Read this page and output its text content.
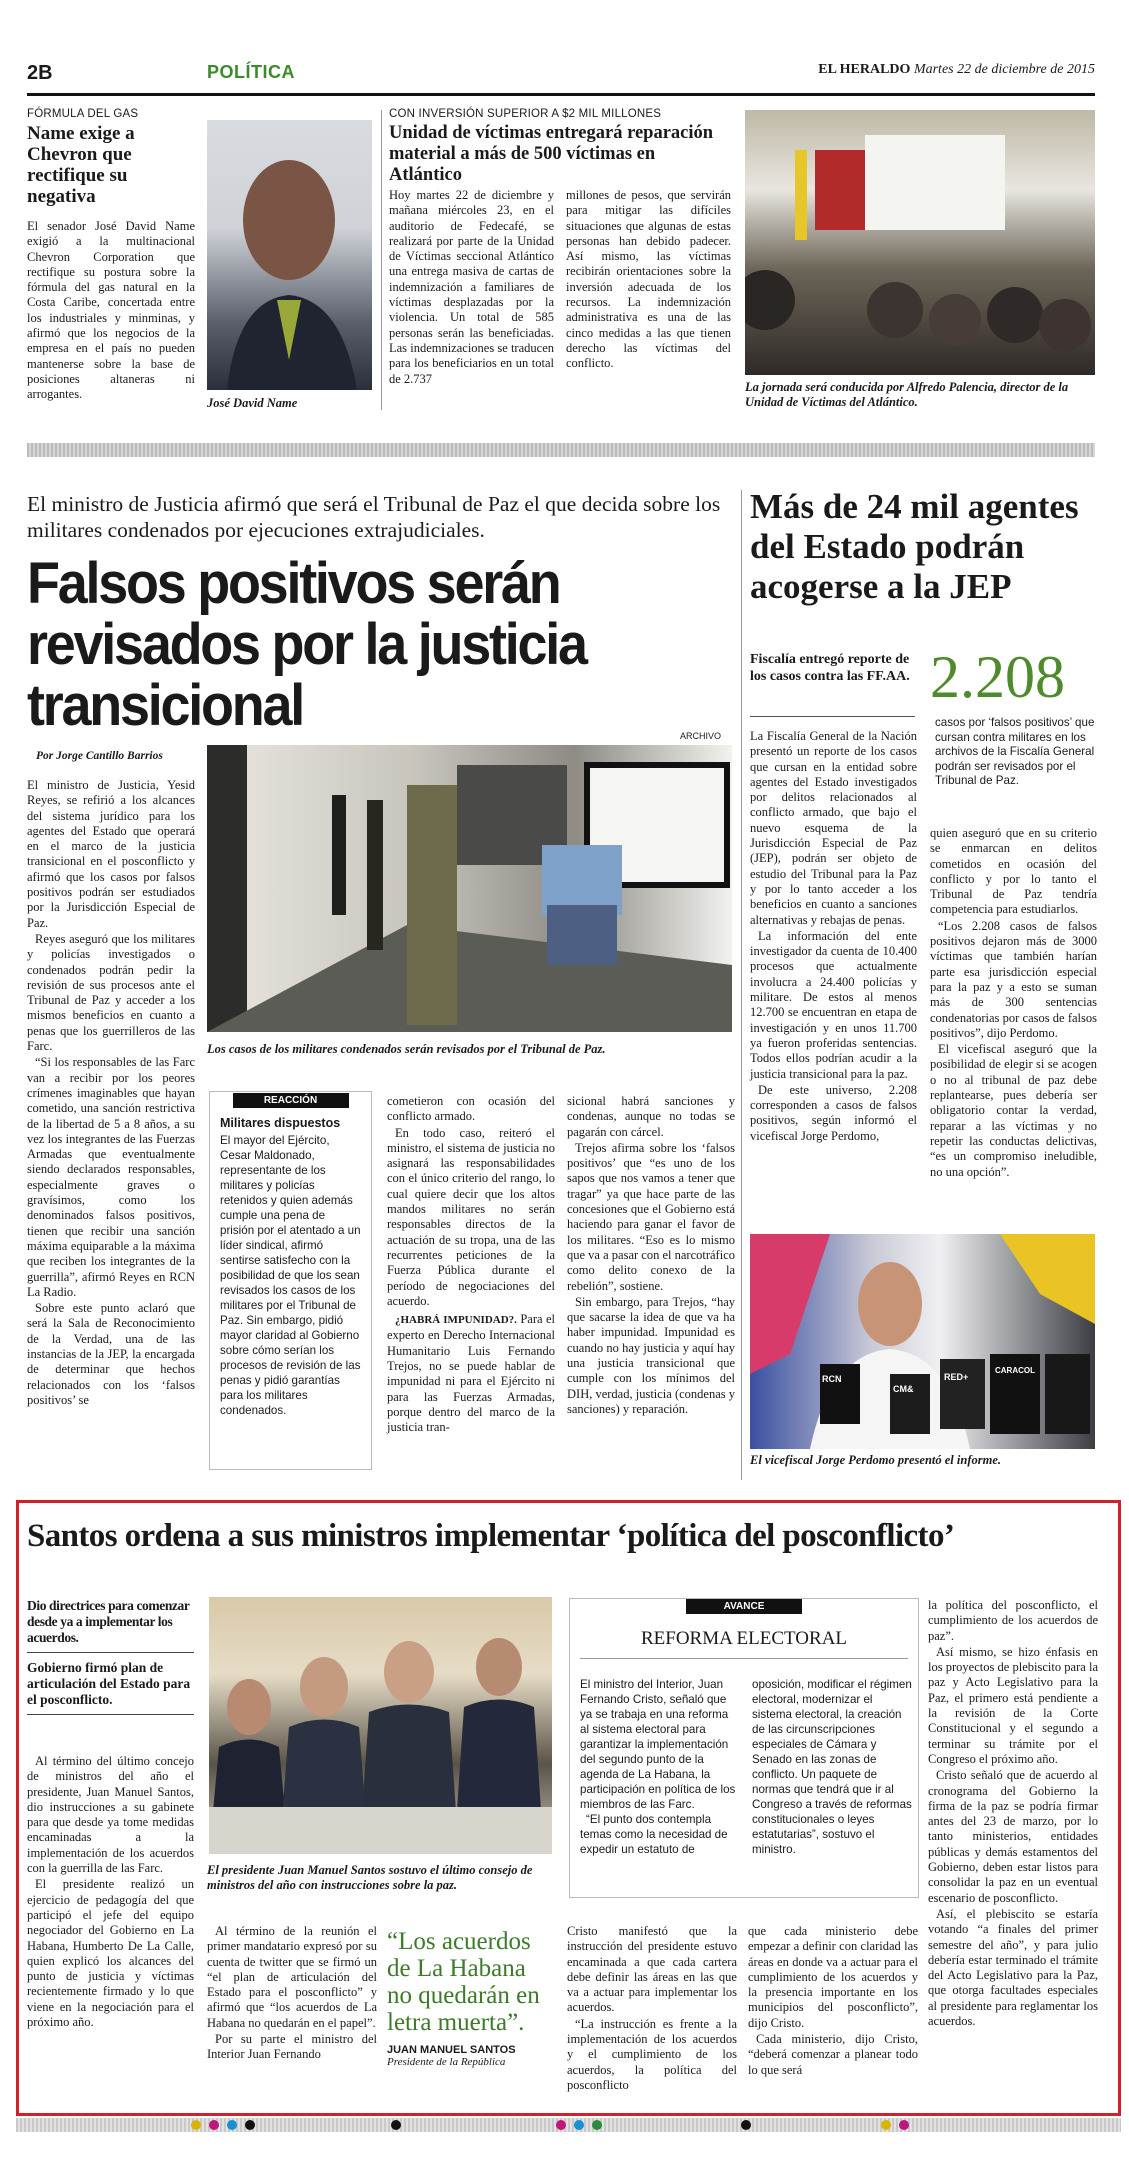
2B	POLÍTICA	EL HERALDO Martes 22 de diciembre de 2015

FÓRMULA DEL GAS

Name exige a Chevron que rectifique su negativa

El senador José David Name exigió a la multinacional Chevron Corporation que rectifique su postura sobre la fórmula del gas natural en la Costa Caribe, concertada entre los industriales y minminas, y afirmó que los negocios de la empresa en el país no pueden mantenerse sobre la base de posiciones altaneras ni arrogantes.

José David Name

CON INVERSIÓN SUPERIOR A $2 MIL MILLONES

Unidad de víctimas entregará reparación material a más de 500 víctimas en Atlántico

Hoy martes 22 de diciembre y mañana miércoles 23, en el auditorio de Fedecafé, se realizará por parte de la Unidad de Víctimas seccional Atlántico una entrega masiva de cartas de indemnización a familiares de víctimas desplazadas por la violencia. Un total de 585 personas serán las beneficiadas. Las indemnizaciones se traducen para los beneficiarios en un total de 2.737

millones de pesos, que servirán para mitigar las difíciles situaciones que algunas de estas personas han debido padecer. Así mismo, las víctimas recibirán orientaciones sobre la inversión adecuada de los recursos. La indemnización administrativa es una de las cinco medidas a las que tienen derecho las víctimas del conflicto.

La jornada será conducida por Alfredo Palencia, director de la Unidad de Víctimas del Atlántico.
El ministro de Justicia afirmó que será el Tribunal de Paz el que decida sobre los militares condenados por ejecuciones extrajudiciales.
Falsos positivos serán revisados por la justicia transicional	ARCHIVO
Por Jorge Cantillo Barrios

El ministro de Justicia, Yesid Reyes, se refirió a los alcances del sistema jurídico para los agentes del Estado que operará en el marco de la justicia transicional en el posconflicto y afirmó que los casos por falsos positivos podrán ser estudiados por la Jurisdicción Especial de Paz.

Reyes aseguró que los militares y policías investigados o condenados podrán pedir la revisión de sus procesos ante el Tribunal de Paz y acceder a los mismos beneficios en cuanto a penas que los guerrilleros de las Farc.

“Si los responsables de las Farc van a recibir por los peores crímenes imaginables que hayan cometido, una sanción restrictiva de la libertad de 5 a 8 años, a su vez los integrantes de las Fuerzas Armadas que eventualmente siendo declarados responsables, especialmente graves o gravísimos, como los denominados falsos positivos, tienen que recibir una sanción máxima equiparable a la máxima que reciben los integrantes de la guerrilla”, afirmó Reyes en RCN La Radio.

Sobre este punto aclaró que será la Sala de Reconocimiento de la Verdad, una de las instancias de la JEP, la encargada de determinar que hechos relacionados con los ‘falsos positivos’ se

Los casos de los militares condenados serán revisados por el Tribunal de Paz.
REACCIÓN
Militares dispuestos

El mayor del Ejército, Cesar Maldonado, representante de los militares y policías retenidos y quien además cumple una pena de prisión por el atentado a un líder sindical, afirmó sentirse satisfecho con la posibilidad de que los sean revisados los casos de los militares por el Tribunal de Paz. Sin embargo, pidió mayor claridad al Gobierno sobre cómo serían los procesos de revisión de las penas y pidió garantías para los militares condenados.

cometieron con ocasión del conflicto armado.

En todo caso, reiteró el ministro, el sistema de justicia no asignará las responsabilidades con el único criterio del rango, lo cual quiere decir que los altos mandos militares no serán responsables directos de la actuación de su tropa, una de las recurrentes peticiones de la Fuerza Pública durante el período de negociaciones del acuerdo.

¿HABRÁ IMPUNIDAD?. Para el experto en Derecho Internacional Humanitario Luis Fernando Trejos, no se puede hablar de impunidad ni para el Ejército ni para las Fuerzas Armadas, porque dentro del marco de la justicia tran-

sicional habrá sanciones y condenas, aunque no todas se pagarán con cárcel.

Trejos afirma sobre los ‘falsos positivos’ que “es uno de los sapos que nos vamos a tener que tragar” ya que hace parte de las concesiones que el Gobierno está haciendo para ganar el favor de los militares. “Eso es lo mismo que va a pasar con el narcotráfico como delito conexo de la rebelión”, sostiene.

Sin embargo, para Trejos, “hay que sacarse la idea de que va ha haber impunidad. Impunidad es cuando no hay justicia y aquí hay una justicia transicional que cumple con los mínimos del DIH, verdad, justicia (condenas y sanciones) y reparación.

Más de 24 mil agentes del Estado podrán acogerse a la JEP
Fiscalía entregó reporte de los casos contra las FF.AA. 2.208

casos por ‘falsos positivos’ que cursan contra militares en los archivos de la Fiscalía General podrán ser revisados por el Tribunal de Paz.

La Fiscalía General de la Nación presentó un reporte de los casos que cursan en la entidad sobre agentes del Estado investigados por delitos relacionados al conflicto armado, que bajo el nuevo esquema de la Jurisdicción Especial de Paz (JEP), podrán ser objeto de estudio del Tribunal para la Paz y por lo tanto acceder a los beneficios en cuanto a sanciones alternativas y rebajas de penas.

La información del ente investigador da cuenta de 10.400 procesos que actualmente involucra a 24.400 policías y militare. De estos al menos 12.700 se encuentran en etapa de investigación y en unos 11.700 ya fueron proferidas sentencias. Todos ellos podrían acudir a la justicia transicional para la paz.

De este universo, 2.208 corresponden a casos de falsos positivos, según informó el vicefiscal Jorge Perdomo,

quien aseguró que en su criterio se enmarcan en delitos cometidos en ocasión del conflicto y por lo tanto el Tribunal de Paz tendría competencia para estudiarlos.

“Los 2.208 casos de falsos positivos dejaron más de 3000 víctimas que también harían parte esa jurisdicción especial para la paz y a esto se suman más de 300 sentencias condenatorias por casos de falsos positivos”, dijo Perdomo.

El vicefiscal aseguró que la posibilidad de elegir si se acogen o no al tribunal de paz debe replantearse, pues debería ser obligatorio contar la verdad, reparar a las víctimas y no repetir las conductas delictivas, “es un compromiso ineludible, no una opción”.

RCN
CM&
RED+
CARACOL
El vicefiscal Jorge Perdomo presentó el informe.
Santos ordena a sus ministros implementar ‘política del posconflicto’
Dio directrices para comenzar desde ya a implementar los acuerdos.
Gobierno firmó plan de articulación del Estado para el posconflicto.

Al término del último concejo de ministros del año el presidente, Juan Manuel Santos, dio instrucciones a su gabinete para que desde ya tome medidas encaminadas a la implementación de los acuerdos con la guerrilla de las Farc.

El presidente realizó un ejercicio de pedagogía del que participó el jefe del equipo negociador del Gobierno en La Habana, Humberto De La Calle, quien explicó los alcances del punto de justicia y víctimas recientemente firmado y lo que viene en la negociación para el próximo año.

El presidente Juan Manuel Santos sostuvo el último consejo de ministros del año con instrucciones sobre la paz.

Al término de la reunión el primer mandatario expresó por su cuenta de twitter que se firmó un “el plan de articulación del Estado para el posconflicto” y afirmó que “los acuerdos de La Habana no quedarán en el papel”.

Por su parte el ministro del Interior Juan Fernando

“Los acuerdos de La Habana no quedarán en letra muerta”.
JUAN MANUEL SANTOS
Presidente de la República
AVANCE
REFORMA ELECTORAL

El ministro del Interior, Juan Fernando Cristo, señaló que ya se trabaja en una reforma al sistema electoral para garantizar la implementación del segundo punto de la agenda de La Habana, la participación en política de los miembros de las Farc.

“El punto dos contempla temas como la necesidad de expedir un estatuto de

oposición, modificar el régimen electoral, modernizar el sistema electoral, la creación de las circunscripciones especiales de Cámara y Senado en las zonas de conflicto. Un paquete de normas que tendrá que ir al Congreso a través de reformas constitucionales o leyes estatutarias”, sostuvo el ministro.

Cristo manifestó que la instrucción del presidente estuvo encaminada a que cada cartera debe definir las áreas en las que va a actuar para implementar los acuerdos.

“La instrucción es frente a la implementación de los acuerdos y el cumplimiento de los acuerdos, la política del posconflicto

que cada ministerio debe empezar a definir con claridad las áreas en donde va a actuar para el cumplimiento de los acuerdos y la presencia importante en los municipios del posconflicto”, dijo Cristo.

Cada ministerio, dijo Cristo, “deberá comenzar a planear todo lo que será

la política del posconflicto, el cumplimiento de los acuerdos de paz”.

Así mismo, se hizo énfasis en los proyectos de plebiscito para la paz y Acto Legislativo para la Paz, el primero está pendiente a la revisión de la Corte Constitucional y el segundo a terminar su trámite por el Congreso el próximo año.

Cristo señaló que de acuerdo al cronograma del Gobierno la firma de la paz se podría firmar antes del 23 de marzo, por lo tanto ministerios, entidades públicas y demás estamentos del Gobierno, deben estar listos para consolidar la paz en un eventual escenario de posconflicto.

Así, el plebiscito se estaría votando “a finales del primer semestre del año”, y para julio debería estar terminado el trámite del Acto Legislativo para la Paz, que otorga facultades especiales al presidente para reglamentar los acuerdos.
